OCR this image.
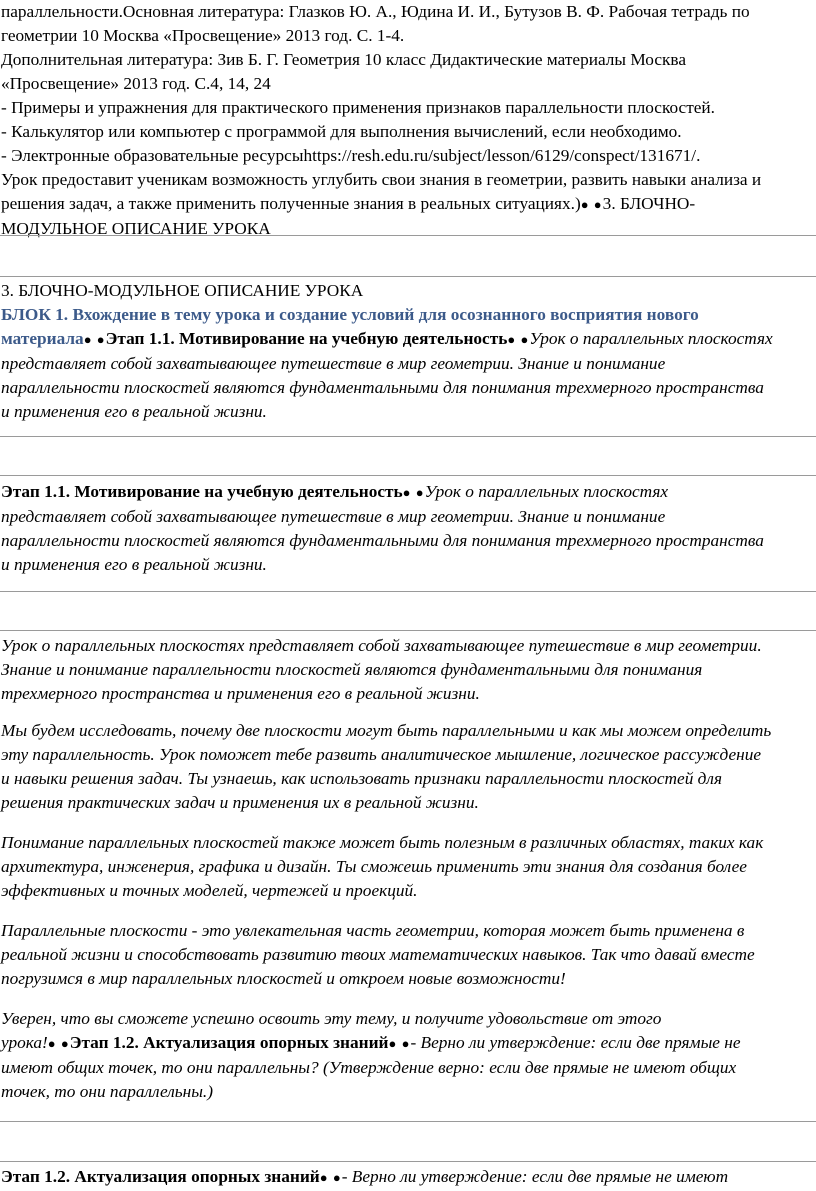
параллельности.Основная литература: Глазков Ю. А., Юдина И. И., Бутузов В. Ф. Рабочая тетрадь по

геометрии 10 Москва «Просвещение» 2013 год. С. 1-4.

Дополнительная литература: Зив Б. Г. Геометрия 10 класс Дидактические материалы Москва

«Просвещение» 2013 год. С.4, 14, 24

- Примеры и упражнения для практического применения признаков параллельности плоскостей.

- Калькулятор или компьютер с программой для выполнения вычислений, если необходимо.

- Электронные образовательные ресурсыhttps://resh.edu.ru/subject/lesson/6129/conspect/131671/.

Урок предоставит ученикам возможность углубить свои знания в геометрии, развить навыки анализа и

решения задач, а также применить полученные знания в реальных ситуациях.)● ●3. БЛОЧНО-

МОДУЛЬНОЕ ОПИСАНИЕ УРОКА

3. БЛОЧНО-МОДУЛЬНОЕ ОПИСАНИЕ УРОКА

БЛОК 1. Вхождение в тему урока и создание условий для осознанного восприятия нового

материала● ●Этап 1.1. Мотивирование на учебную деятельность● ●Урок о параллельных плоскостях

представляет собой захватывающее путешествие в мир геометрии. Знание и понимание

параллельности плоскостей являются фундаментальными для понимания трехмерного пространства

и применения его в реальной жизни.

Этап 1.1. Мотивирование на учебную деятельность● ●Урок о параллельных плоскостях

представляет собой захватывающее путешествие в мир геометрии. Знание и понимание

параллельности плоскостей являются фундаментальными для понимания трехмерного пространства

и применения его в реальной жизни.

Урок о параллельных плоскостях представляет собой захватывающее путешествие в мир геометрии.

Знание и понимание параллельности плоскостей являются фундаментальными для понимания

трехмерного пространства и применения его в реальной жизни.

Мы будем исследовать, почему две плоскости могут быть параллельными и как мы можем определить

эту параллельность. Урок поможет тебе развить аналитическое мышление, логическое рассуждение

и навыки решения задач. Ты узнаешь, как использовать признаки параллельности плоскостей для

решения практических задач и применения их в реальной жизни.

Понимание параллельных плоскостей также может быть полезным в различных областях, таких как

архитектура, инженерия, графика и дизайн. Ты сможешь применить эти знания для создания более

эффективных и точных моделей, чертежей и проекций.

Параллельные плоскости - это увлекательная часть геометрии, которая может быть применена в

реальной жизни и способствовать развитию твоих математических навыков. Так что давай вместе

погрузимся в мир параллельных плоскостей и откроем новые возможности!

Уверен, что вы сможете успешно освоить эту тему, и получите удовольствие от этого

урока!● ●Этап 1.2. Актуализация опорных знаний● ●- Верно ли утверждение: если две прямые не

имеют общих точек, то они параллельны? (Утверждение верно: если две прямые не имеют общих

точек, то они параллельны.)

Этап 1.2. Актуализация опорных знаний● ●- Верно ли утверждение: если две прямые не имеют
